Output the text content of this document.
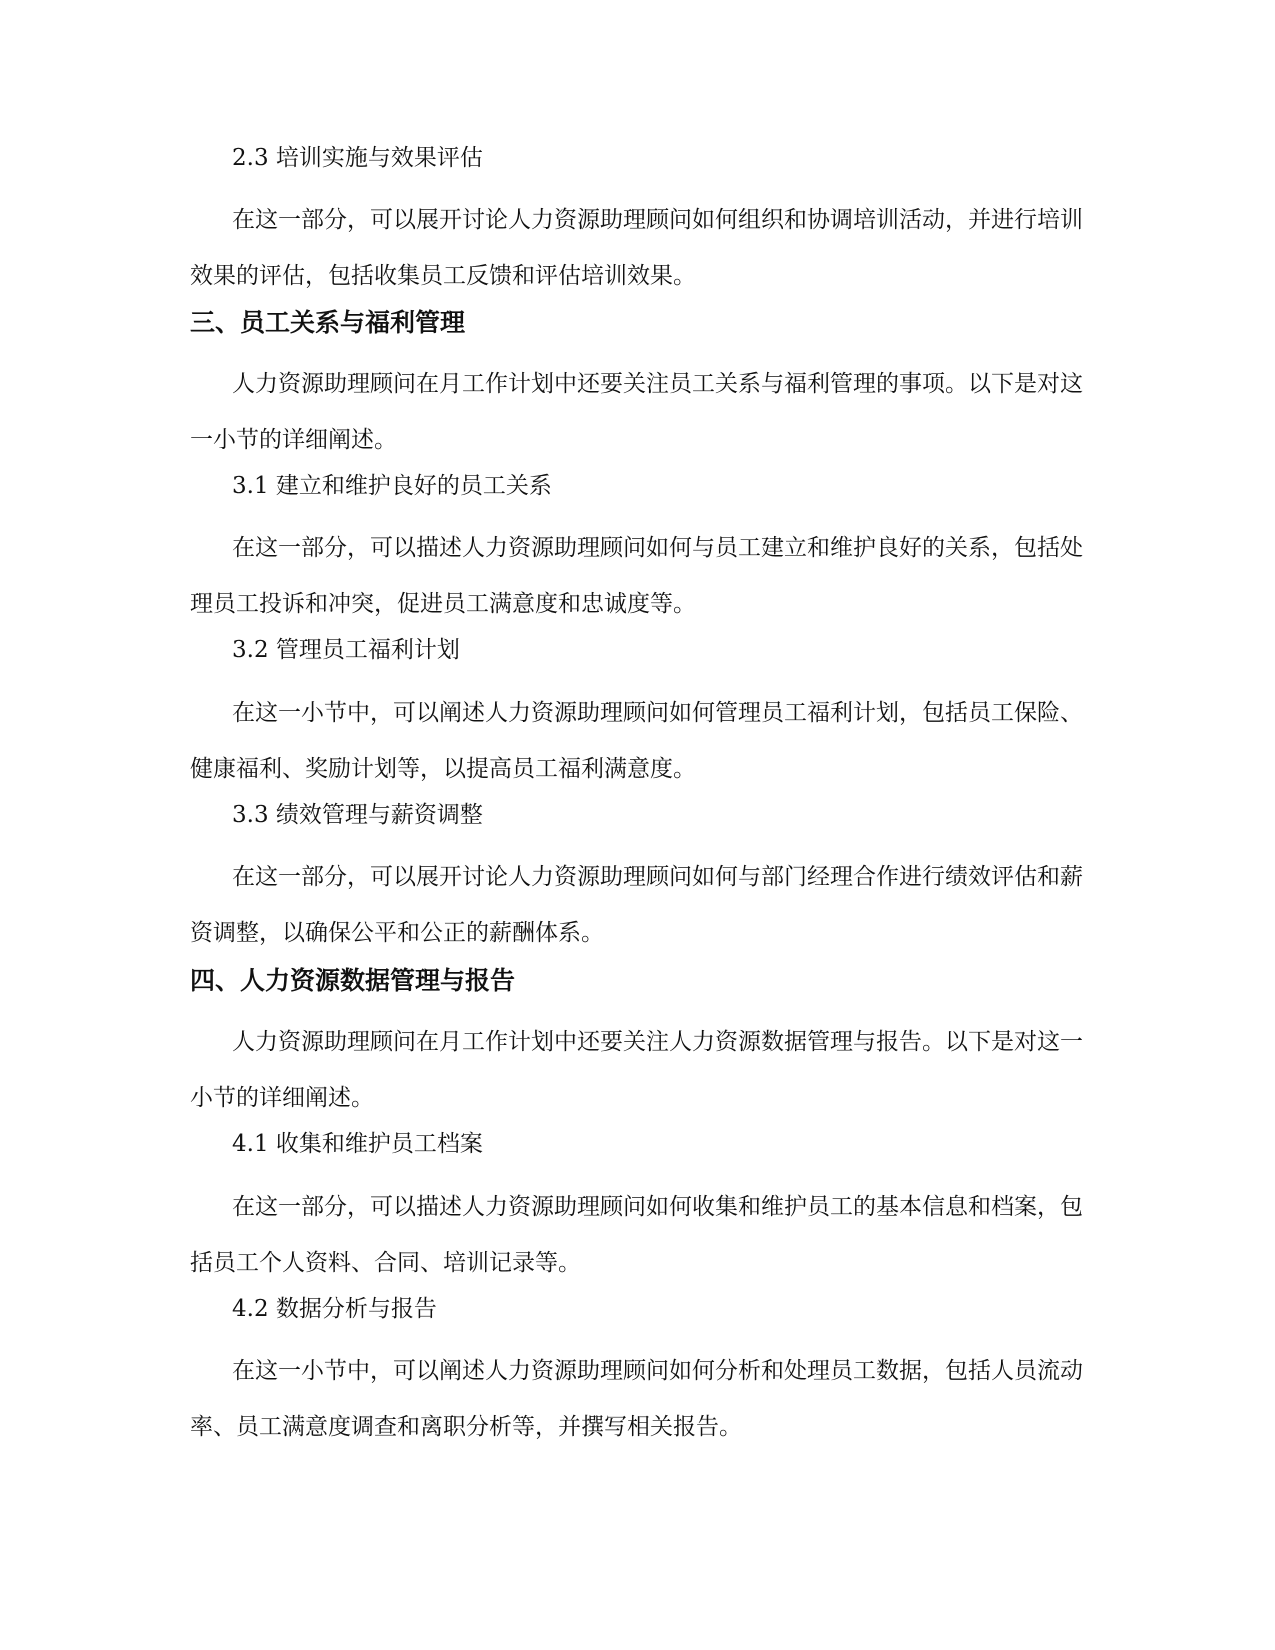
2.3 培训实施与效果评估

在这一部分，可以展开讨论人力资源助理顾问如何组织和协调培训活动，并进行培训效果的评估，包括收集员工反馈和评估培训效果。

三、员工关系与福利管理

人力资源助理顾问在月工作计划中还要关注员工关系与福利管理的事项。以下是对这一小节的详细阐述。

3.1 建立和维护良好的员工关系

在这一部分，可以描述人力资源助理顾问如何与员工建立和维护良好的关系，包括处理员工投诉和冲突，促进员工满意度和忠诚度等。

3.2 管理员工福利计划

在这一小节中，可以阐述人力资源助理顾问如何管理员工福利计划，包括员工保险、健康福利、奖励计划等，以提高员工福利满意度。

3.3 绩效管理与薪资调整

在这一部分，可以展开讨论人力资源助理顾问如何与部门经理合作进行绩效评估和薪资调整，以确保公平和公正的薪酬体系。

四、人力资源数据管理与报告

人力资源助理顾问在月工作计划中还要关注人力资源数据管理与报告。以下是对这一小节的详细阐述。

4.1 收集和维护员工档案

在这一部分，可以描述人力资源助理顾问如何收集和维护员工的基本信息和档案，包括员工个人资料、合同、培训记录等。

4.2 数据分析与报告

在这一小节中，可以阐述人力资源助理顾问如何分析和处理员工数据，包括人员流动率、员工满意度调查和离职分析等，并撰写相关报告。
